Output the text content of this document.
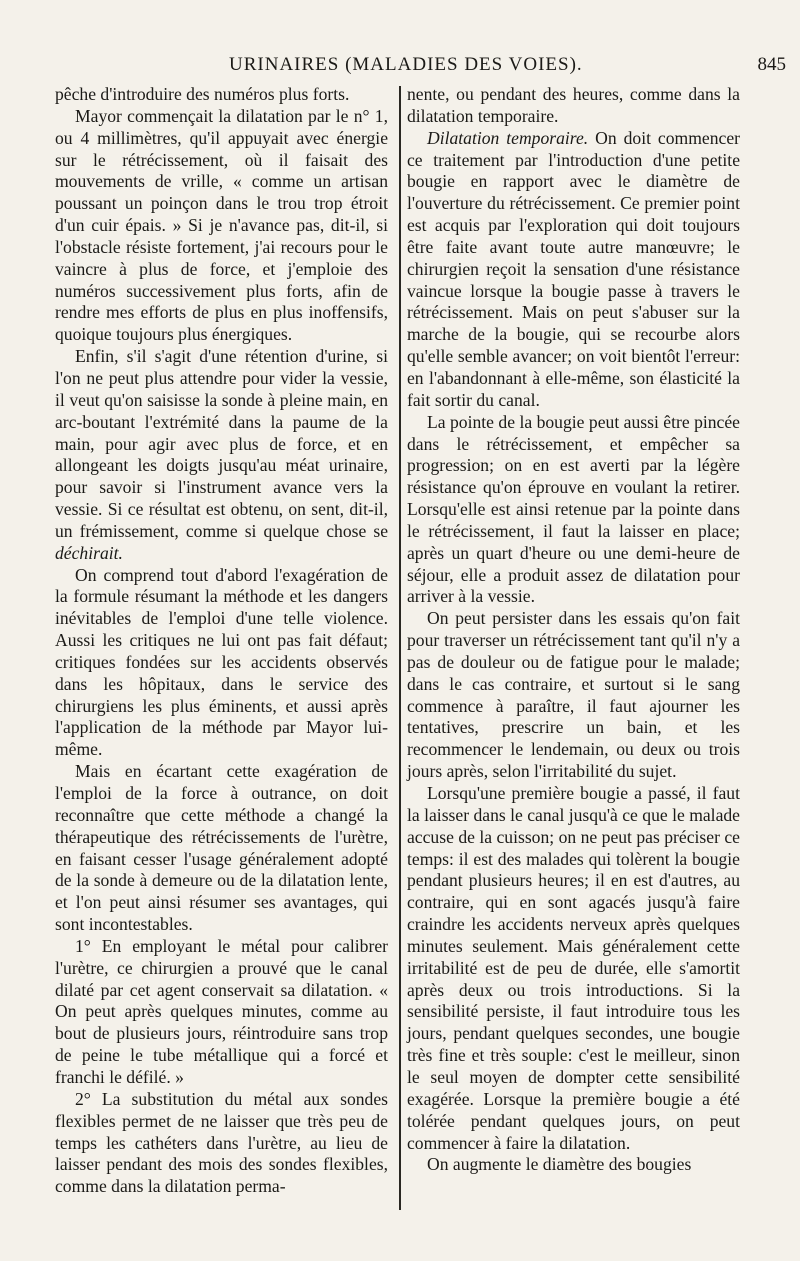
URINAIRES (MALADIES DES VOIES).	845

pêche d'introduire des numéros plus forts.

Mayor commençait la dilatation par le n° 1, ou 4 millimètres, qu'il appuyait avec énergie sur le rétrécissement, où il faisait des mouvements de vrille, « comme un artisan poussant un poinçon dans le trou trop étroit d'un cuir épais. » Si je n'avance pas, dit-il, si l'obstacle résiste fortement, j'ai recours pour le vaincre à plus de force, et j'emploie des numéros successivement plus forts, afin de rendre mes efforts de plus en plus inoffensifs, quoique toujours plus énergiques.

Enfin, s'il s'agit d'une rétention d'urine, si l'on ne peut plus attendre pour vider la vessie, il veut qu'on saisisse la sonde à pleine main, en arc-boutant l'extrémité dans la paume de la main, pour agir avec plus de force, et en allongeant les doigts jusqu'au méat urinaire, pour savoir si l'instrument avance vers la vessie. Si ce résultat est obtenu, on sent, dit-il, un frémissement, comme si quelque chose se déchirait.

On comprend tout d'abord l'exagération de la formule résumant la méthode et les dangers inévitables de l'emploi d'une telle violence. Aussi les critiques ne lui ont pas fait défaut; critiques fondées sur les accidents observés dans les hôpitaux, dans le service des chirurgiens les plus éminents, et aussi après l'application de la méthode par Mayor lui-même.

Mais en écartant cette exagération de l'emploi de la force à outrance, on doit reconnaître que cette méthode a changé la thérapeutique des rétrécissements de l'urètre, en faisant cesser l'usage généralement adopté de la sonde à demeure ou de la dilatation lente, et l'on peut ainsi résumer ses avantages, qui sont incontestables.

1° En employant le métal pour calibrer l'urètre, ce chirurgien a prouvé que le canal dilaté par cet agent conservait sa dilatation. « On peut après quelques minutes, comme au bout de plusieurs jours, réintroduire sans trop de peine le tube métallique qui a forcé et franchi le défilé. »

2° La substitution du métal aux sondes flexibles permet de ne laisser que très peu de temps les cathéters dans l'urètre, au lieu de laisser pendant des mois des sondes flexibles, comme dans la dilatation perma-

nente, ou pendant des heures, comme dans la dilatation temporaire.

Dilatation temporaire. On doit commencer ce traitement par l'introduction d'une petite bougie en rapport avec le diamètre de l'ouverture du rétrécissement. Ce premier point est acquis par l'exploration qui doit toujours être faite avant toute autre manœuvre; le chirurgien reçoit la sensation d'une résistance vaincue lorsque la bougie passe à travers le rétrécissement. Mais on peut s'abuser sur la marche de la bougie, qui se recourbe alors qu'elle semble avancer; on voit bientôt l'erreur: en l'abandonnant à elle-même, son élasticité la fait sortir du canal.

La pointe de la bougie peut aussi être pincée dans le rétrécissement, et empêcher sa progression; on en est averti par la légère résistance qu'on éprouve en voulant la retirer. Lorsqu'elle est ainsi retenue par la pointe dans le rétrécissement, il faut la laisser en place; après un quart d'heure ou une demi-heure de séjour, elle a produit assez de dilatation pour arriver à la vessie.

On peut persister dans les essais qu'on fait pour traverser un rétrécissement tant qu'il n'y a pas de douleur ou de fatigue pour le malade; dans le cas contraire, et surtout si le sang commence à paraître, il faut ajourner les tentatives, prescrire un bain, et les recommencer le lendemain, ou deux ou trois jours après, selon l'irritabilité du sujet.

Lorsqu'une première bougie a passé, il faut la laisser dans le canal jusqu'à ce que le malade accuse de la cuisson; on ne peut pas préciser ce temps: il est des malades qui tolèrent la bougie pendant plusieurs heures; il en est d'autres, au contraire, qui en sont agacés jusqu'à faire craindre les accidents nerveux après quelques minutes seulement. Mais généralement cette irritabilité est de peu de durée, elle s'amortit après deux ou trois introductions. Si la sensibilité persiste, il faut introduire tous les jours, pendant quelques secondes, une bougie très fine et très souple: c'est le meilleur, sinon le seul moyen de dompter cette sensibilité exagérée. Lorsque la première bougie a été tolérée pendant quelques jours, on peut commencer à faire la dilatation.

On augmente le diamètre des bougies
